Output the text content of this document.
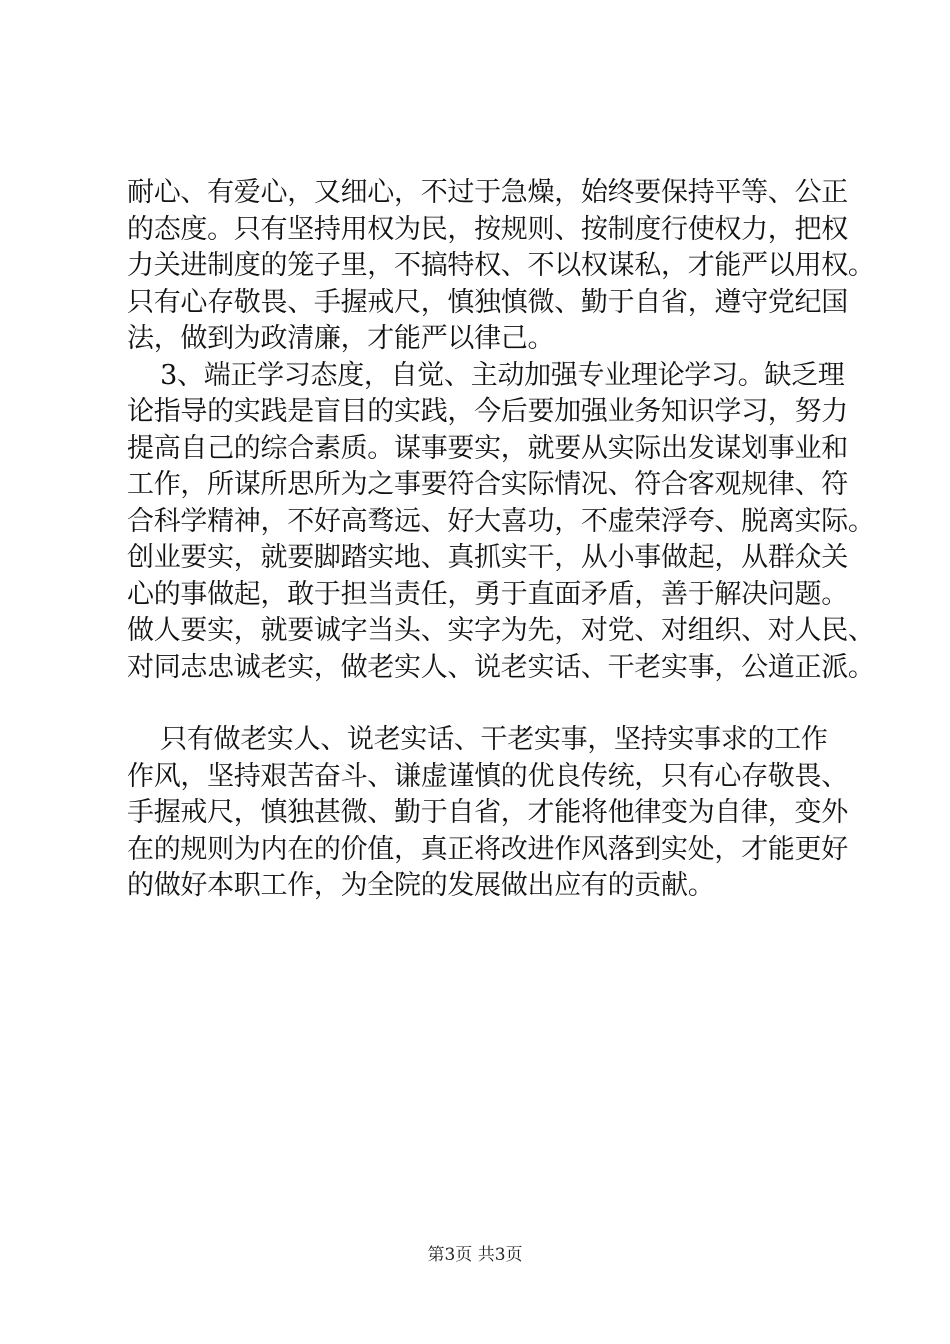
耐心、有爱心，又细心，不过于急燥，始终要保持平等、公正
的态度。只有坚持用权为民，按规则、按制度行使权力，把权
力关进制度的笼子里，不搞特权、不以权谋私，才能严以用权。
只有心存敬畏、手握戒尺，慎独慎微、勤于自省，遵守党纪国
法，做到为政清廉，才能严以律己。
3、端正学习态度，自觉、主动加强专业理论学习。缺乏理
论指导的实践是盲目的实践，今后要加强业务知识学习，努力
提高自己的综合素质。谋事要实，就要从实际出发谋划事业和
工作，所谋所思所为之事要符合实际情况、符合客观规律、符
合科学精神，不好高骛远、好大喜功，不虚荣浮夸、脱离实际。
创业要实，就要脚踏实地、真抓实干，从小事做起，从群众关
心的事做起，敢于担当责任，勇于直面矛盾，善于解决问题。
做人要实，就要诚字当头、实字为先，对党、对组织、对人民、
对同志忠诚老实，做老实人、说老实话、干老实事，公道正派。
只有做老实人、说老实话、干老实事，坚持实事求的工作
作风，坚持艰苦奋斗、谦虚谨慎的优良传统，只有心存敬畏、
手握戒尺，慎独甚微、勤于自省，才能将他律变为自律，变外
在的规则为内在的价值，真正将改进作风落到实处，才能更好
的做好本职工作，为全院的发展做出应有的贡献。
第3页 共3页
